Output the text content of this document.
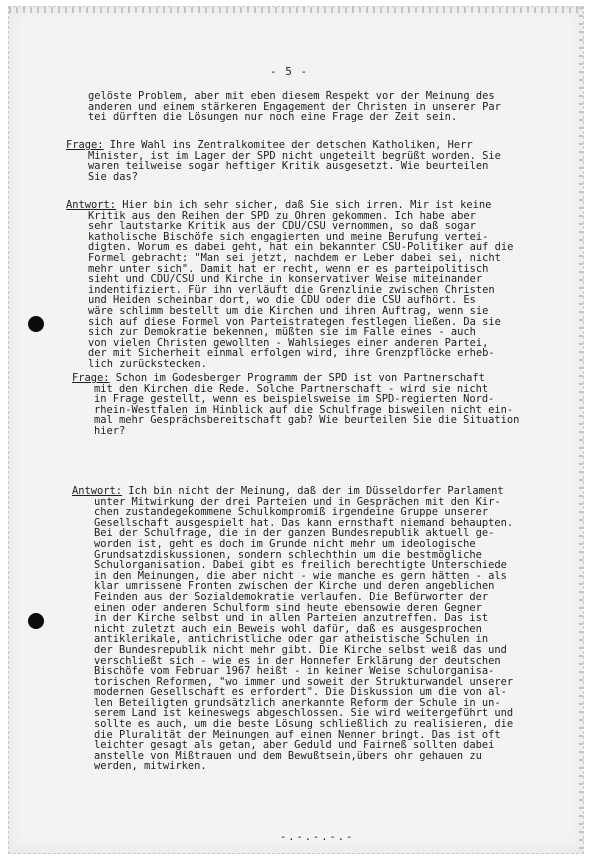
- 5 -
gelöste Problem, aber mit eben diesem Respekt vor der Meinung des
anderen und einem stärkeren Engagement der Christen in unserer Par
tei dürften die Lösungen nur noch eine Frage der Zeit sein.
Frage: Ihre Wahl ins Zentralkomitee der detschen Katholiken, Herr
Minister, ist im Lager der SPD nicht ungeteilt begrüßt worden. Sie
waren teilweise sogar heftiger Kritik ausgesetzt. Wie beurteilen
Sie das?
Antwort: Hier bin ich sehr sicher, daß Sie sich irren. Mir ist keine
Kritik aus den Reihen der SPD zu Ohren gekommen. Ich habe aber
sehr lautstarke Kritik aus der CDU/CSU vernommen, so daß sogar
katholische Bischöfe sich engagierten und meine Berufung vertei-
digten. Worum es dabei geht, hat ein bekannter CSU-Politiker auf die
Formel gebracht: "Man sei jetzt, nachdem er Leber dabei sei, nicht
mehr unter sich". Damit hat er recht, wenn er es parteipolitisch
sieht und CDU/CSU und Kirche in konservativer Weise miteinander
indentifiziert. Für ihn verläuft die Grenzlinie zwischen Christen
und Heiden scheinbar dort, wo die CDU oder die CSU aufhört. Es
wäre schlimm bestellt um die Kirchen und ihren Auftrag, wenn sie
sich auf diese Formel von Parteistrategen festlegen ließen. Da sie
sich zur Demokratie bekennen, müßten sie im Falle eines - auch
von vielen Christen gewollten - Wahlsieges einer anderen Partei,
der mit Sicherheit einmal erfolgen wird, ihre Grenzpflöcke erheb-
lich zurückstecken.
Frage: Schon im Godesberger Programm der SPD ist von Partnerschaft
mit den Kirchen die Rede. Solche Partnerschaft - wird sie nicht
in Frage gestellt, wenn es beispielsweise im SPD-regierten Nord-
rhein-Westfalen im Hinblick auf die Schulfrage bisweilen nicht ein-
mal mehr Gesprächsbereitschaft gab? Wie beurteilen Sie die Situation
hier?
Antwort: Ich bin nicht der Meinung, daß der im Düsseldorfer Parlament
unter Mitwirkung der drei Parteien und in Gesprächen mit den Kir-
chen zustandegekommene Schulkompromiß irgendeine Gruppe unserer
Gesellschaft ausgespielt hat. Das kann ernsthaft niemand behaupten.
Bei der Schulfrage, die in der ganzen Bundesrepublik aktuell ge-
worden ist, geht es doch im Grunde nicht mehr um ideologische
Grundsatzdiskussionen, sondern schlechthin um die bestmögliche
Schulorganisation. Dabei gibt es freilich berechtigte Unterschiede
in den Meinungen, die aber nicht - wie manche es gern hätten - als
klar umrissene Fronten zwischen der Kirche und deren angeblichen
Feinden aus der Sozialdemokratie verlaufen. Die Befürworter der
einen oder anderen Schulform sind heute ebensowie deren Gegner
in der Kirche selbst und in allen Parteien anzutreffen. Das ist
nicht zuletzt auch ein Beweis wohl dafür, daß es ausgesprochen
antiklerikale, antichristliche oder gar atheistische Schulen in
der Bundesrepublik nicht mehr gibt. Die Kirche selbst weiß das und
verschließt sich - wie es in der Honnefer Erklärung der deutschen
Bischöfe vom Februar 1967 heißt - in keiner Weise schulorganisa-
torischen Reformen, "wo immer und soweit der Strukturwandel unserer
modernen Gesellschaft es erfordert". Die Diskussion um die von al-
len Beteiligten grundsätzlich anerkannte Reform der Schule in un-
serem Land ist keineswegs abgeschlossen. Sie wird weitergeführt und
sollte es auch, um die beste Lösung schließlich zu realisieren, die
die Pluralität der Meinungen auf einen Nenner bringt. Das ist oft
leichter gesagt als getan, aber Geduld und Fairneß sollten dabei
anstelle von Mißtrauen und dem Bewußtsein,übers ohr gehauen zu
werden, mitwirken.
-.-.-.-.-
